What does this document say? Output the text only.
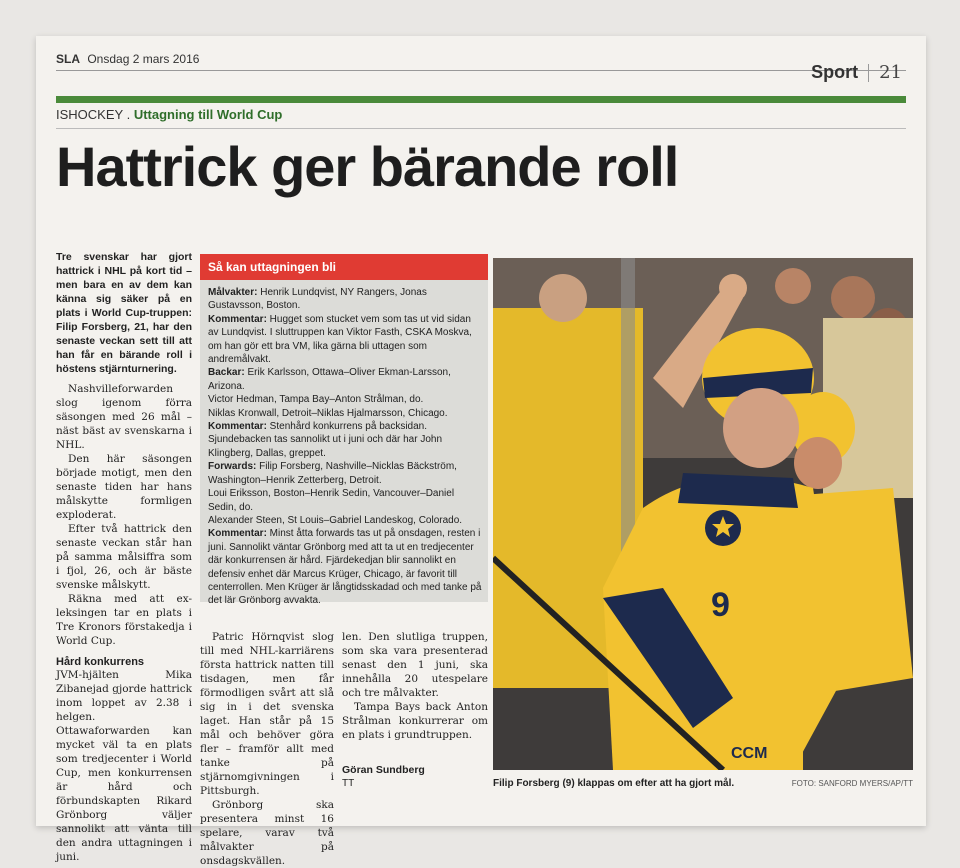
SLA Onsdag 2 mars 2016
Sport 21
ISHOCKEY . Uttagning till World Cup
Hattrick ger bärande roll

Tre svenskar har gjort hattrick i NHL på kort tid – men bara en av dem kan känna sig säker på en plats i World Cup-truppen: Filip Forsberg, 21, har den senaste veckan sett till att han får en bärande roll i höstens stjärnturnering.

Nashvilleforwarden slog igenom förra säsongen med 26 mål – näst bäst av svenskarna i NHL.

Den här säsongen började motigt, men den senaste tiden har hans målskytte formligen exploderat.

Efter två hattrick den senaste veckan står han på samma målsiffra som i fjol, 26, och är bäste svenske målskytt.

Räkna med att ex-leksingen tar en plats i Tre Kronors förstakedja i World Cup.

Hård konkurrens

JVM-hjälten Mika Zibanejad gjorde hattrick inom loppet av 2.38 i helgen. Ottawaforwarden kan mycket väl ta en plats som tredjecenter i World Cup, men konkurrensen är hård och förbundskapten Rikard Grönborg väljer sannolikt att vänta till den andra uttagningen i juni.

Så kan uttagningen bli

Målvakter: Henrik Lundqvist, NY Rangers, Jonas Gustavsson, Boston.

Kommentar: Hugget som stucket vem som tas ut vid sidan av Lundqvist. I sluttruppen kan Viktor Fasth, CSKA Moskva, om han gör ett bra VM, lika gärna bli uttagen som andremålvakt.

Backar: Erik Karlsson, Ottawa–Oliver Ekman-Larsson, Arizona.

Victor Hedman, Tampa Bay–Anton Strålman, do.

Niklas Kronwall, Detroit–Niklas Hjalmarsson, Chicago.

Kommentar: Stenhård konkurrens på backsidan. Sjundebacken tas sannolikt ut i juni och där har John Klingberg, Dallas, greppet.

Forwards: Filip Forsberg, Nashville–Nicklas Bäckström, Washington–Henrik Zetterberg, Detroit.

Loui Eriksson, Boston–Henrik Sedin, Vancouver–Daniel Sedin, do.

Alexander Steen, St Louis–Gabriel Landeskog, Colorado.

Kommentar: Minst åtta forwards tas ut på onsdagen, resten i juni. Sannolikt väntar Grönborg med att ta ut en tredjecenter där konkurrensen är hård. Fjärdekedjan blir sannolikt en defensiv enhet där Marcus Krüger, Chicago, är favorit till centerrollen. Men Krüger är långtidsskadad och med tanke på det lär Grönborg avvakta.

Patric Hörnqvist slog till med NHL-karriärens första hattrick natten till tisdagen, men får förmodligen svårt att slå sig in i det svenska laget. Han står på 15 mål och behöver göra fler – framför allt med tanke på stjärnomgivningen i Pittsburgh.

Grönborg ska presentera minst 16 spelare, varav två målvakter på onsdagskvällen.

len. Den slutliga truppen, som ska vara presenterad senast den 1 juni, ska innehålla 20 utespelare och tre målvakter.

Tampa Bays back Anton Strålman konkurrerar om en plats i grundtruppen.

Göran Sundberg
TT
9
CCM
Filip Forsberg (9) klappas om efter att ha gjort mål.	FOTO: SANFORD MYERS/AP/TT
